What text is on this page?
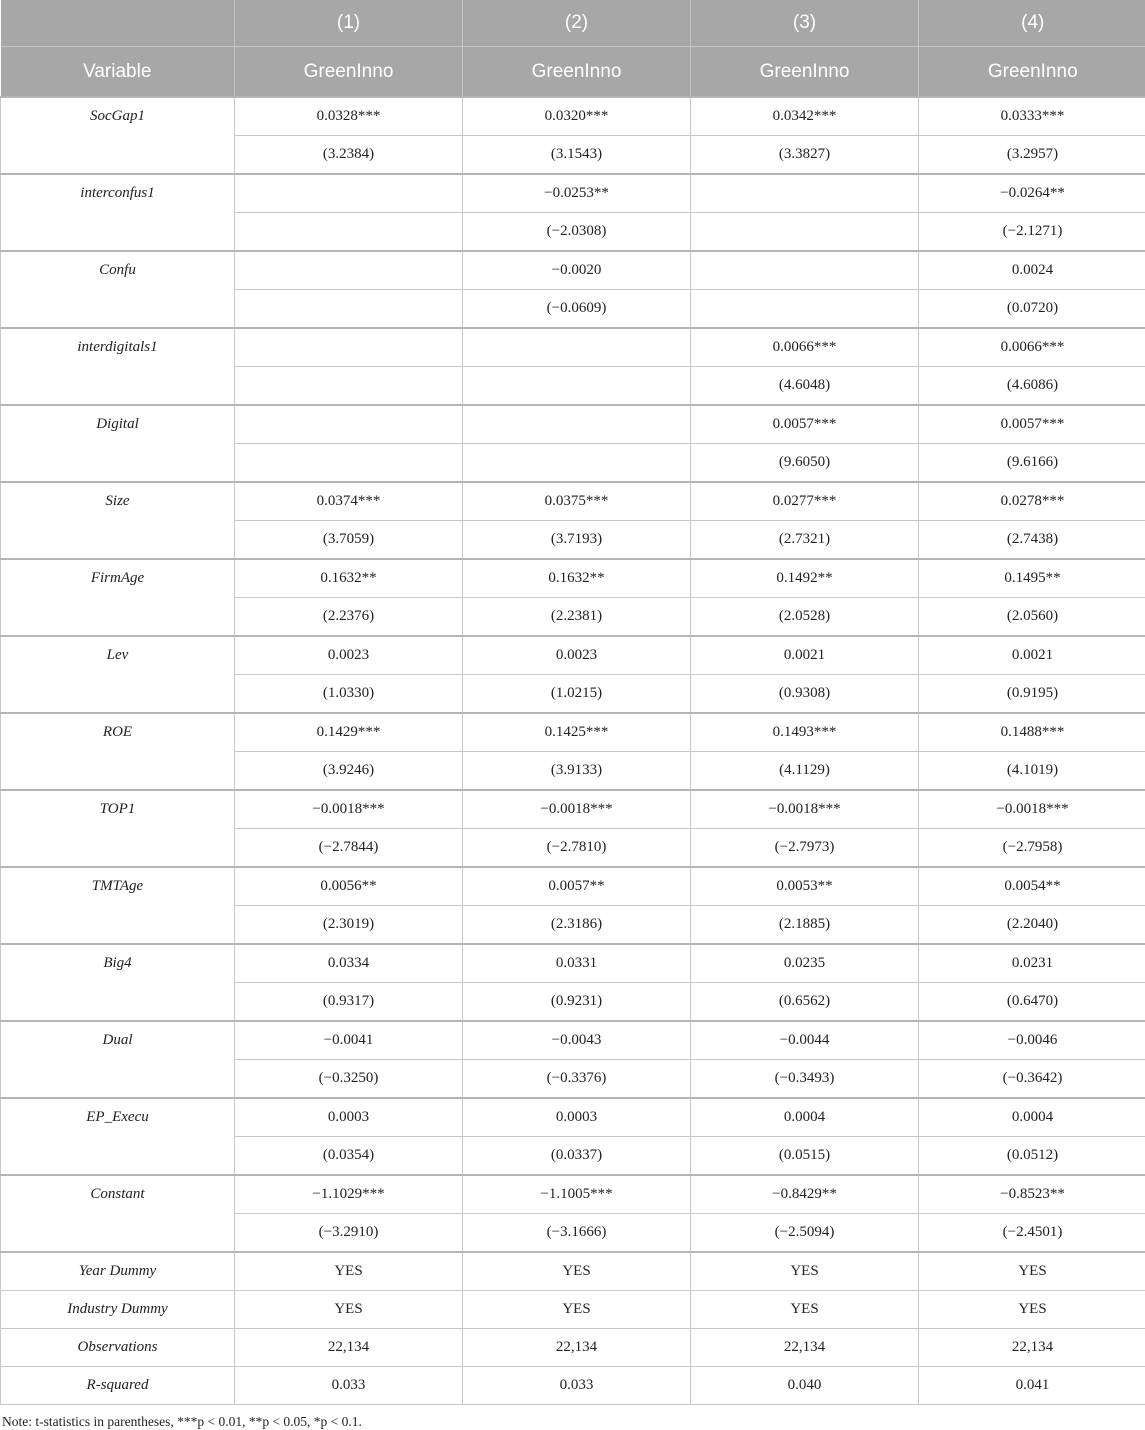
	(1)	(2)	(3)	(4)
Variable	GreenInno	GreenInno	GreenInno	GreenInno
SocGap1	0.0328***	0.0320***	0.0342***	0.0333***
	(3.2384)	(3.1543)	(3.3827)	(3.2957)
interconfus1		−0.0253**		−0.0264**
		(−2.0308)		(−2.1271)
Confu		−0.0020		0.0024
		(−0.0609)		(0.0720)
interdigitals1			0.0066***	0.0066***
			(4.6048)	(4.6086)
Digital			0.0057***	0.0057***
			(9.6050)	(9.6166)
Size	0.0374***	0.0375***	0.0277***	0.0278***
	(3.7059)	(3.7193)	(2.7321)	(2.7438)
FirmAge	0.1632**	0.1632**	0.1492**	0.1495**
	(2.2376)	(2.2381)	(2.0528)	(2.0560)
Lev	0.0023	0.0023	0.0021	0.0021
	(1.0330)	(1.0215)	(0.9308)	(0.9195)
ROE	0.1429***	0.1425***	0.1493***	0.1488***
	(3.9246)	(3.9133)	(4.1129)	(4.1019)
TOP1	−0.0018***	−0.0018***	−0.0018***	−0.0018***
	(−2.7844)	(−2.7810)	(−2.7973)	(−2.7958)
TMTAge	0.0056**	0.0057**	0.0053**	0.0054**
	(2.3019)	(2.3186)	(2.1885)	(2.2040)
Big4	0.0334	0.0331	0.0235	0.0231
	(0.9317)	(0.9231)	(0.6562)	(0.6470)
Dual	−0.0041	−0.0043	−0.0044	−0.0046
	(−0.3250)	(−0.3376)	(−0.3493)	(−0.3642)
EP_Execu	0.0003	0.0003	0.0004	0.0004
	(0.0354)	(0.0337)	(0.0515)	(0.0512)
Constant	−1.1029***	−1.1005***	−0.8429**	−0.8523**
	(−3.2910)	(−3.1666)	(−2.5094)	(−2.4501)
Year Dummy	YES	YES	YES	YES
Industry Dummy	YES	YES	YES	YES
Observations	22,134	22,134	22,134	22,134
R-squared	0.033	0.033	0.040	0.041
Note: t-statistics in parentheses, ***p < 0.01, **p < 0.05, *p < 0.1.
